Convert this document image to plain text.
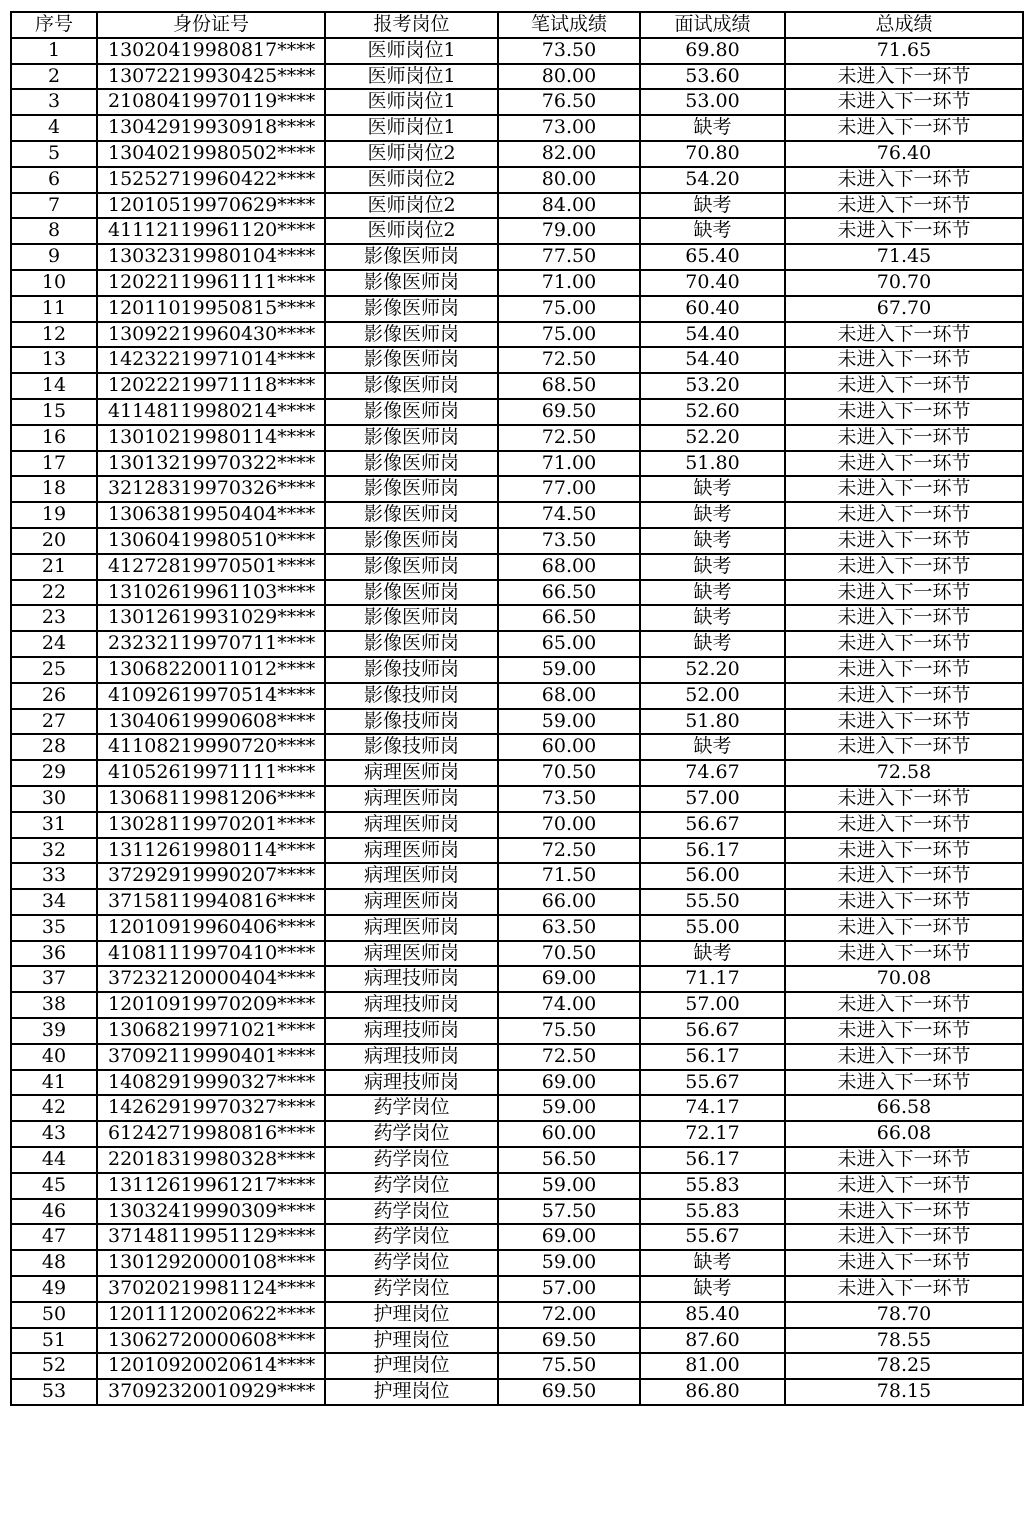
序号	身份证号	报考岗位	笔试成绩	面试成绩	总成绩
1	13020419980817****	医师岗位1	73.50	69.80	71.65
2	13072219930425****	医师岗位1	80.00	53.60	未进入下一环节
3	21080419970119****	医师岗位1	76.50	53.00	未进入下一环节
4	13042919930918****	医师岗位1	73.00	缺考	未进入下一环节
5	13040219980502****	医师岗位2	82.00	70.80	76.40
6	15252719960422****	医师岗位2	80.00	54.20	未进入下一环节
7	12010519970629****	医师岗位2	84.00	缺考	未进入下一环节
8	41112119961120****	医师岗位2	79.00	缺考	未进入下一环节
9	13032319980104****	影像医师岗	77.50	65.40	71.45
10	12022119961111****	影像医师岗	71.00	70.40	70.70
11	12011019950815****	影像医师岗	75.00	60.40	67.70
12	13092219960430****	影像医师岗	75.00	54.40	未进入下一环节
13	14232219971014****	影像医师岗	72.50	54.40	未进入下一环节
14	12022219971118****	影像医师岗	68.50	53.20	未进入下一环节
15	41148119980214****	影像医师岗	69.50	52.60	未进入下一环节
16	13010219980114****	影像医师岗	72.50	52.20	未进入下一环节
17	13013219970322****	影像医师岗	71.00	51.80	未进入下一环节
18	32128319970326****	影像医师岗	77.00	缺考	未进入下一环节
19	13063819950404****	影像医师岗	74.50	缺考	未进入下一环节
20	13060419980510****	影像医师岗	73.50	缺考	未进入下一环节
21	41272819970501****	影像医师岗	68.00	缺考	未进入下一环节
22	13102619961103****	影像医师岗	66.50	缺考	未进入下一环节
23	13012619931029****	影像医师岗	66.50	缺考	未进入下一环节
24	23232119970711****	影像医师岗	65.00	缺考	未进入下一环节
25	13068220011012****	影像技师岗	59.00	52.20	未进入下一环节
26	41092619970514****	影像技师岗	68.00	52.00	未进入下一环节
27	13040619990608****	影像技师岗	59.00	51.80	未进入下一环节
28	41108219990720****	影像技师岗	60.00	缺考	未进入下一环节
29	41052619971111****	病理医师岗	70.50	74.67	72.58
30	13068119981206****	病理医师岗	73.50	57.00	未进入下一环节
31	13028119970201****	病理医师岗	70.00	56.67	未进入下一环节
32	13112619980114****	病理医师岗	72.50	56.17	未进入下一环节
33	37292919990207****	病理医师岗	71.50	56.00	未进入下一环节
34	37158119940816****	病理医师岗	66.00	55.50	未进入下一环节
35	12010919960406****	病理医师岗	63.50	55.00	未进入下一环节
36	41081119970410****	病理医师岗	70.50	缺考	未进入下一环节
37	37232120000404****	病理技师岗	69.00	71.17	70.08
38	12010919970209****	病理技师岗	74.00	57.00	未进入下一环节
39	13068219971021****	病理技师岗	75.50	56.67	未进入下一环节
40	37092119990401****	病理技师岗	72.50	56.17	未进入下一环节
41	14082919990327****	病理技师岗	69.00	55.67	未进入下一环节
42	14262919970327****	药学岗位	59.00	74.17	66.58
43	61242719980816****	药学岗位	60.00	72.17	66.08
44	22018319980328****	药学岗位	56.50	56.17	未进入下一环节
45	13112619961217****	药学岗位	59.00	55.83	未进入下一环节
46	13032419990309****	药学岗位	57.50	55.83	未进入下一环节
47	37148119951129****	药学岗位	69.00	55.67	未进入下一环节
48	13012920000108****	药学岗位	59.00	缺考	未进入下一环节
49	37020219981124****	药学岗位	57.00	缺考	未进入下一环节
50	12011120020622****	护理岗位	72.00	85.40	78.70
51	13062720000608****	护理岗位	69.50	87.60	78.55
52	12010920020614****	护理岗位	75.50	81.00	78.25
53	37092320010929****	护理岗位	69.50	86.80	78.15
